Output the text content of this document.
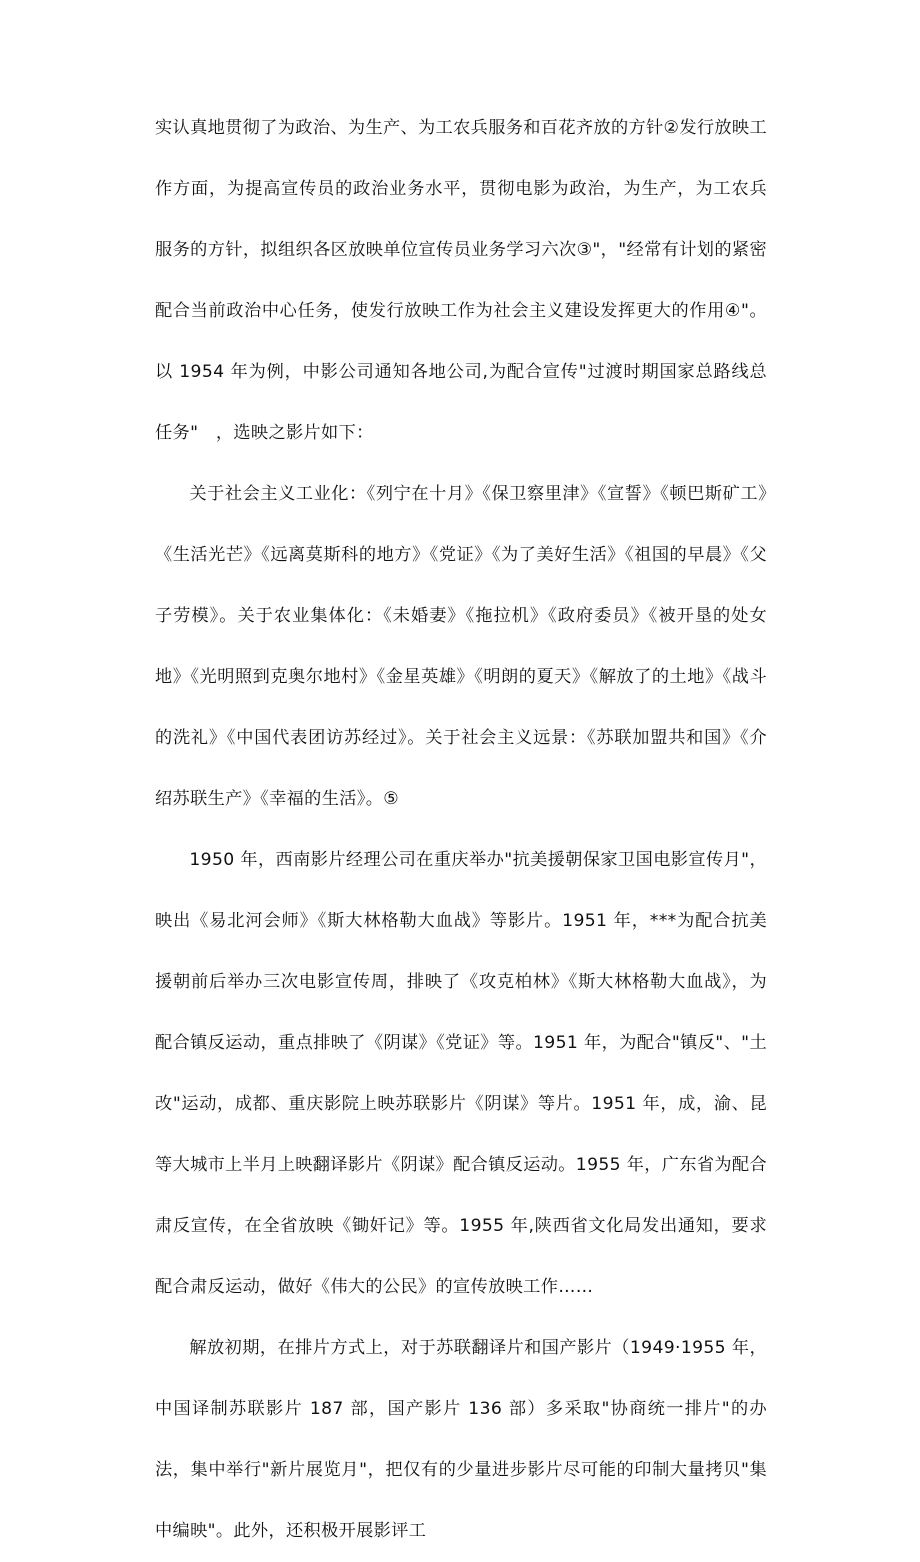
实认真地贯彻了为政治、为生产、为工农兵服务和百花齐放的方针②发行放映工作方面，为提高宣传员的政治业务水平，贯彻电影为政治，为生产，为工农兵服务的方针，拟组织各区放映单位宣传员业务学习六次③"，"经常有计划的紧密配合当前政治中心任务，使发行放映工作为社会主义建设发挥更大的作用④"。以 1954 年为例，中影公司通知各地公司,为配合宣传"过渡时期国家总路线总任务"　，选映之影片如下：

关于社会主义工业化：《列宁在十月》《保卫察里津》《宣誓》《顿巴斯矿工》《生活光芒》《远离莫斯科的地方》《党证》《为了美好生活》《祖国的早晨》《父子劳模》。关于农业集体化：《未婚妻》《拖拉机》《政府委员》《被开垦的处女地》《光明照到克奥尔地村》《金星英雄》《明朗的夏天》《解放了的土地》《战斗的洗礼》《中国代表团访苏经过》。关于社会主义远景：《苏联加盟共和国》《介绍苏联生产》《幸福的生活》。⑤

1950 年，西南影片经理公司在重庆举办"抗美援朝保家卫国电影宣传月"，映出《易北河会师》《斯大林格勒大血战》等影片。1951 年，***为配合抗美援朝前后举办三次电影宣传周，排映了《攻克柏林》《斯大林格勒大血战》，为配合镇反运动，重点排映了《阴谋》《党证》等。1951 年，为配合"镇反"、"土改"运动，成都、重庆影院上映苏联影片《阴谋》等片。1951 年，成，渝、昆等大城市上半月上映翻译影片《阴谋》配合镇反运动。1955 年，广东省为配合肃反宣传，在全省放映《锄奸记》等。1955 年,陕西省文化局发出通知，要求配合肃反运动，做好《伟大的公民》的宣传放映工作……

解放初期，在排片方式上，对于苏联翻译片和国产影片（1949·1955 年，中国译制苏联影片 187 部，国产影片 136 部）多采取"协商统一排片"的办法，集中举行"新片展览月"，把仅有的少量进步影片尽可能的印制大量拷贝"集中编映"。此外，还积极开展影评工
